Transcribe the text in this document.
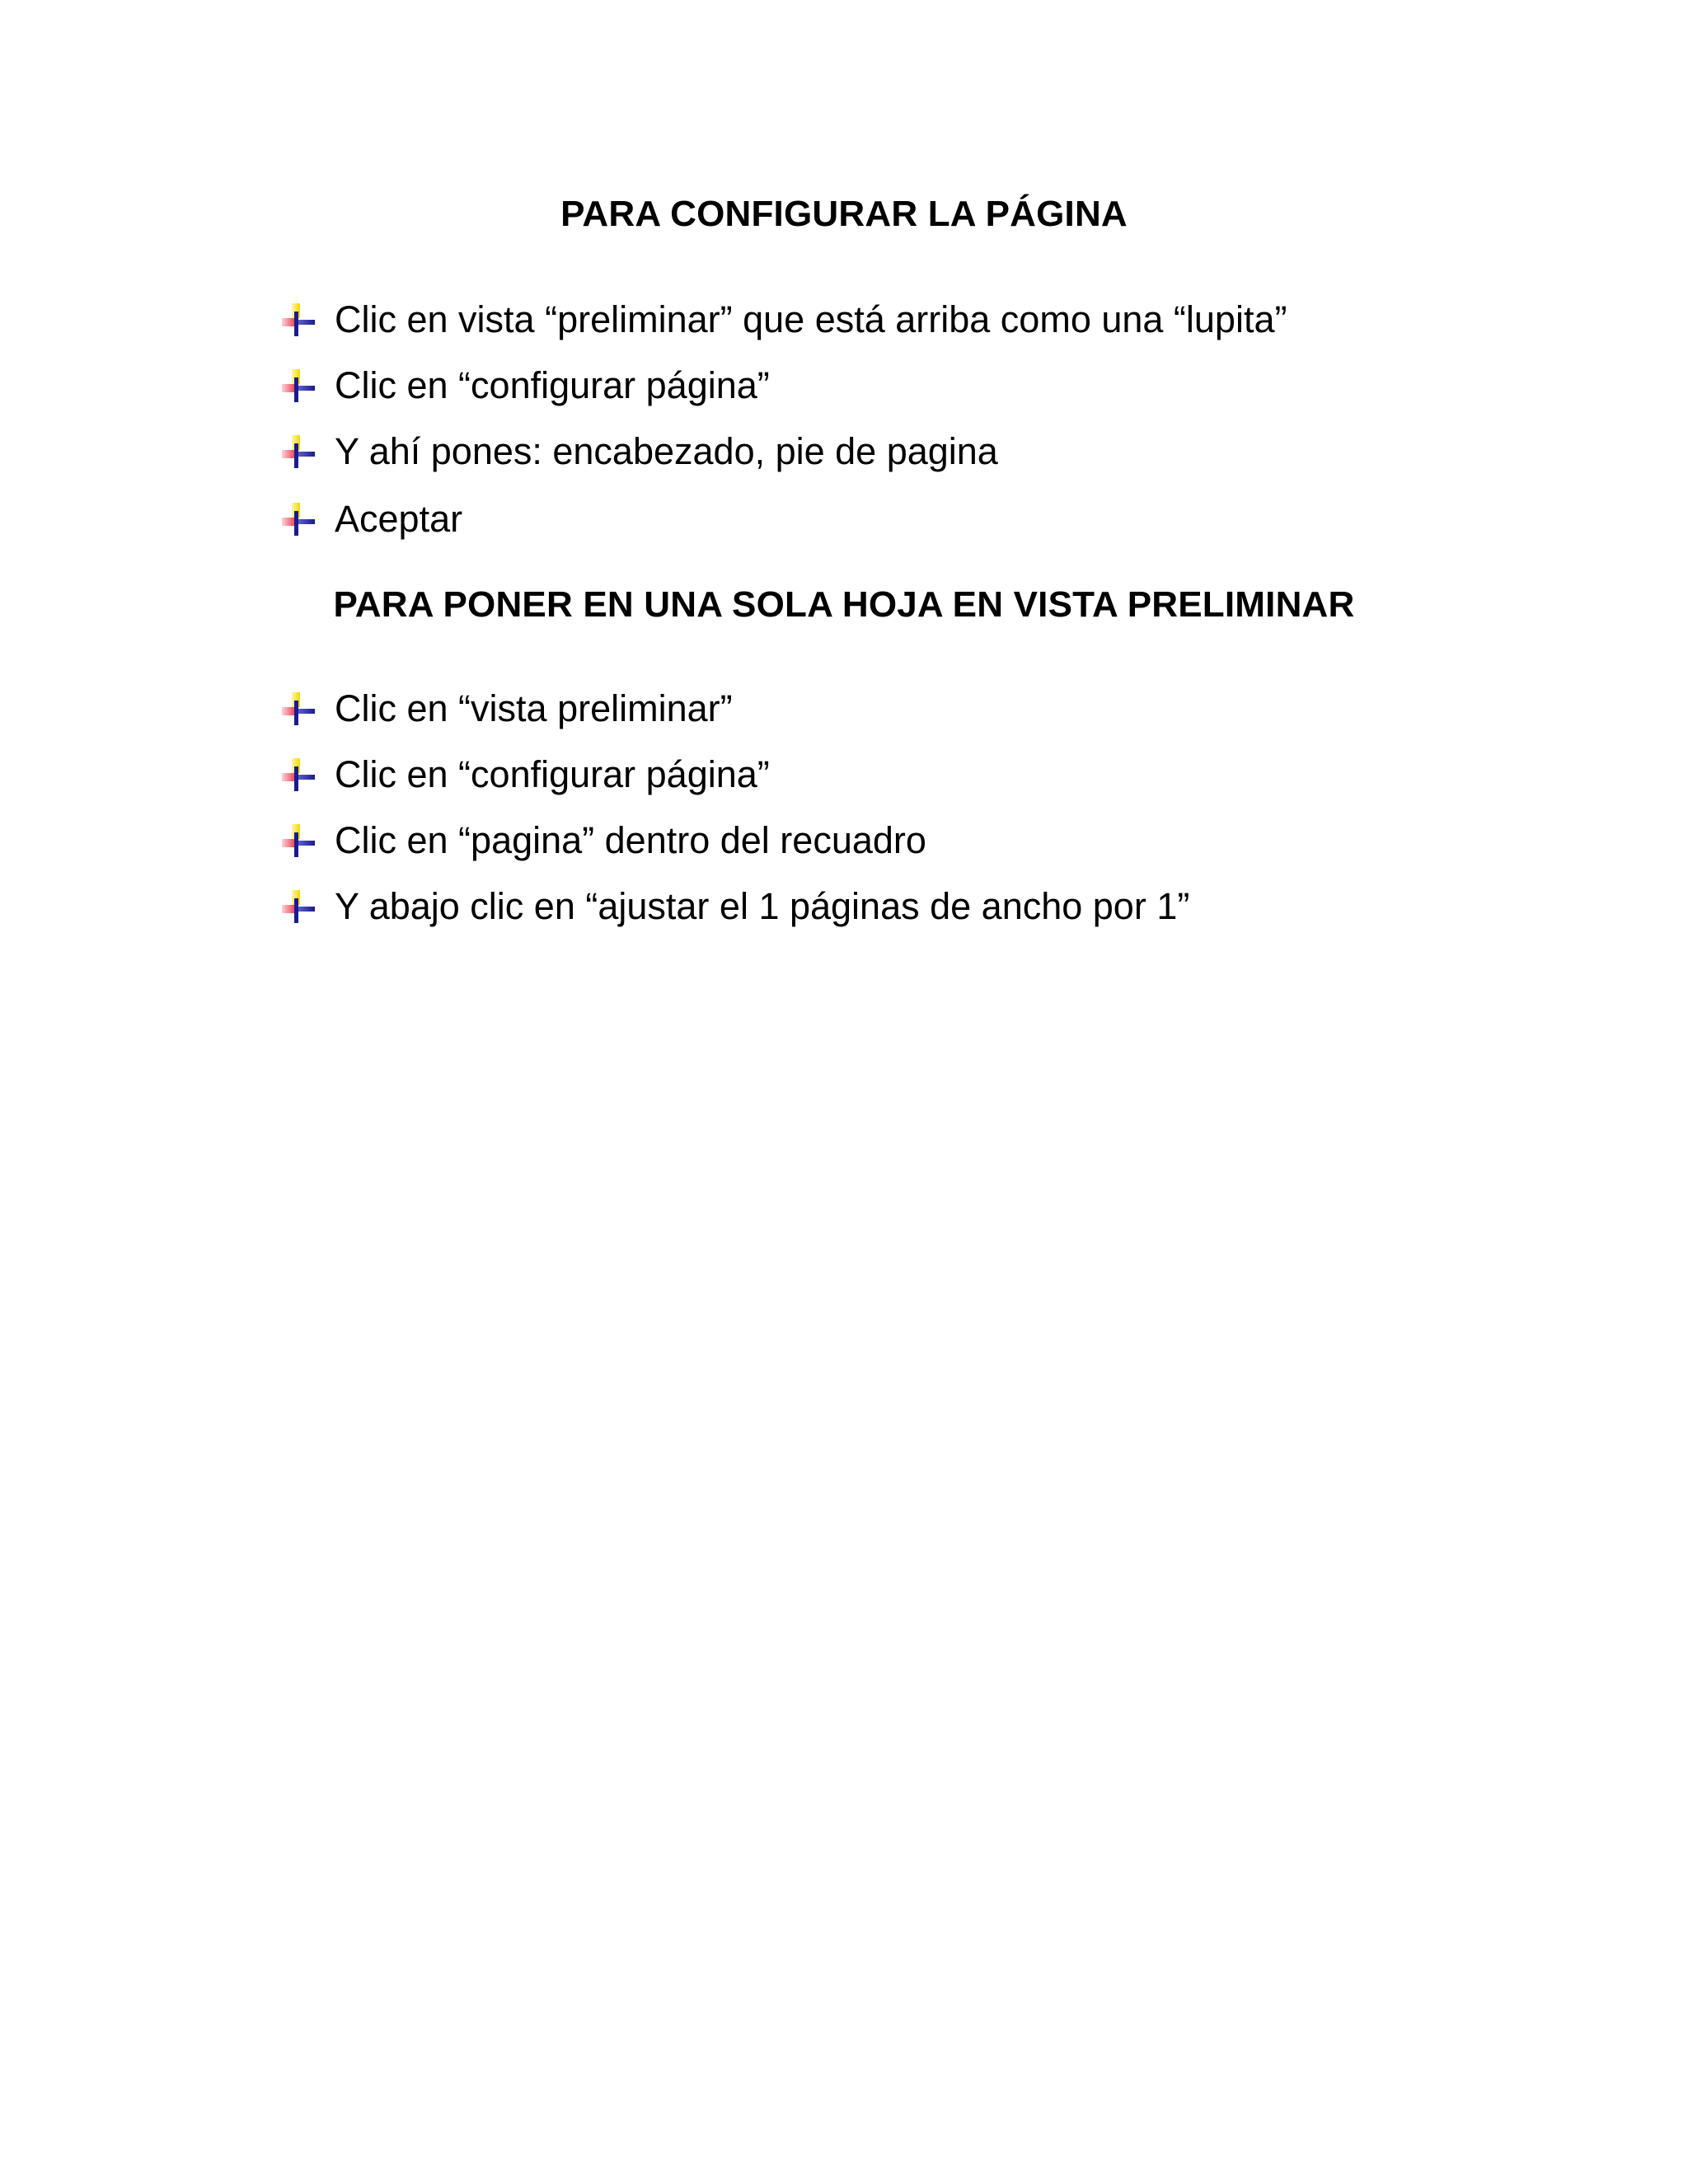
PARA CONFIGURAR LA PÁGINA
Clic en vista “preliminar” que está arriba como una “lupita”
Clic en “configurar página”
Y ahí pones: encabezado, pie de pagina
Aceptar
PARA PONER EN UNA SOLA HOJA EN VISTA PRELIMINAR
Clic en “vista preliminar”
Clic en “configurar página”
Clic en “pagina” dentro del recuadro
Y abajo clic en “ajustar el 1 páginas de ancho por 1”
